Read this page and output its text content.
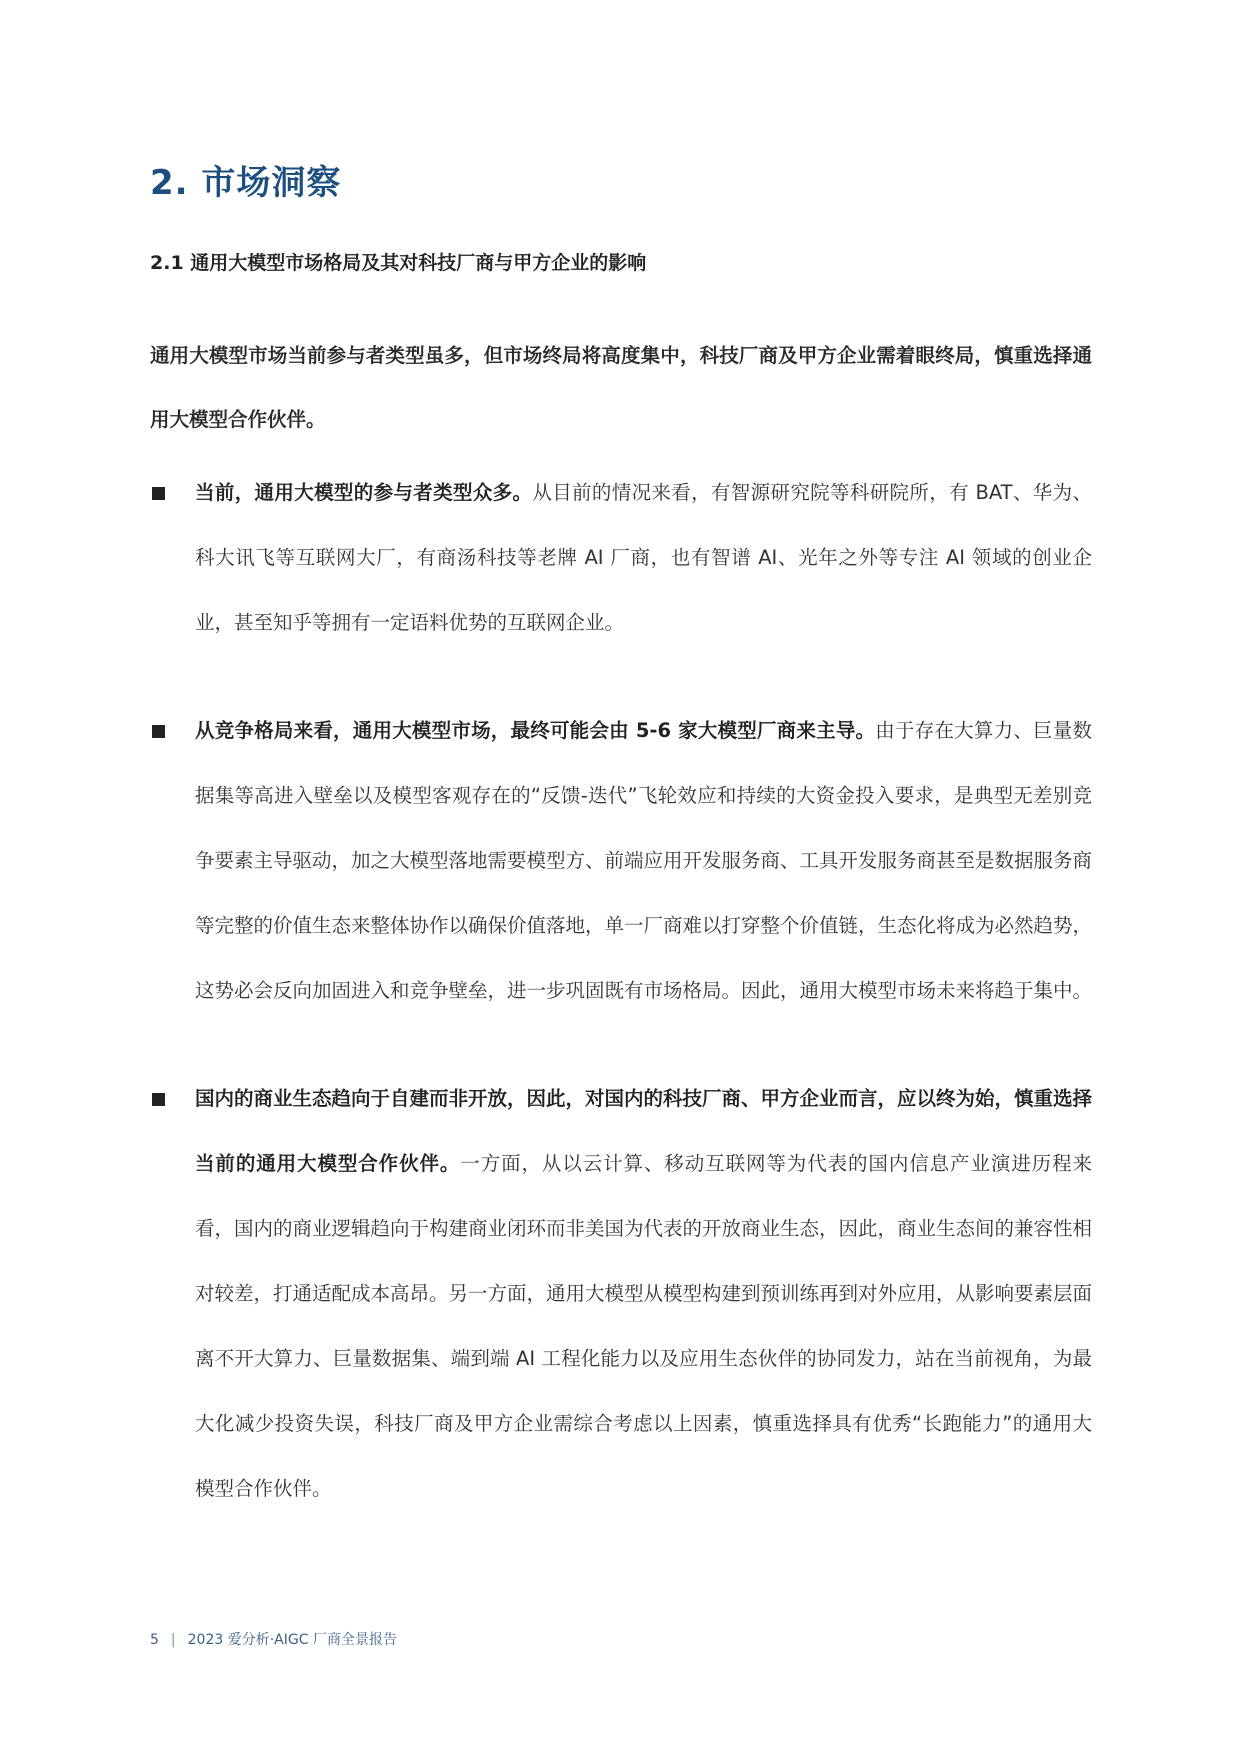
2. 市场洞察
2.1 通用大模型市场格局及其对科技厂商与甲方企业的影响

通用大模型市场当前参与者类型虽多，但市场终局将高度集中，科技厂商及甲方企业需着眼终局，慎重选择通用大模型合作伙伴。

当前，通用大模型的参与者类型众多。从目前的情况来看，有智源研究院等科研院所，有 BAT、华为、科大讯飞等互联网大厂，有商汤科技等老牌 AI 厂商，也有智谱 AI、光年之外等专注 AI 领域的创业企业，甚至知乎等拥有一定语料优势的互联网企业。
从竞争格局来看，通用大模型市场，最终可能会由 5-6 家大模型厂商来主导。由于存在大算力、巨量数据集等高进入壁垒以及模型客观存在的“反馈-迭代”飞轮效应和持续的大资金投入要求，是典型无差别竞争要素主导驱动，加之大模型落地需要模型方、前端应用开发服务商、工具开发服务商甚至是数据服务商等完整的价值生态来整体协作以确保价值落地，单一厂商难以打穿整个价值链，生态化将成为必然趋势，这势必会反向加固进入和竞争壁垒，进一步巩固既有市场格局。因此，通用大模型市场未来将趋于集中。
国内的商业生态趋向于自建而非开放，因此，对国内的科技厂商、甲方企业而言，应以终为始，慎重选择当前的通用大模型合作伙伴。一方面，从以云计算、移动互联网等为代表的国内信息产业演进历程来看，国内的商业逻辑趋向于构建商业闭环而非美国为代表的开放商业生态，因此，商业生态间的兼容性相对较差，打通适配成本高昂。另一方面，通用大模型从模型构建到预训练再到对外应用，从影响要素层面离不开大算力、巨量数据集、端到端 AI 工程化能力以及应用生态伙伴的协同发力，站在当前视角，为最大化减少投资失误，科技厂商及甲方企业需综合考虑以上因素，慎重选择具有优秀“长跑能力”的通用大模型合作伙伴。
5 | 2023 爱分析·AIGC 厂商全景报告
